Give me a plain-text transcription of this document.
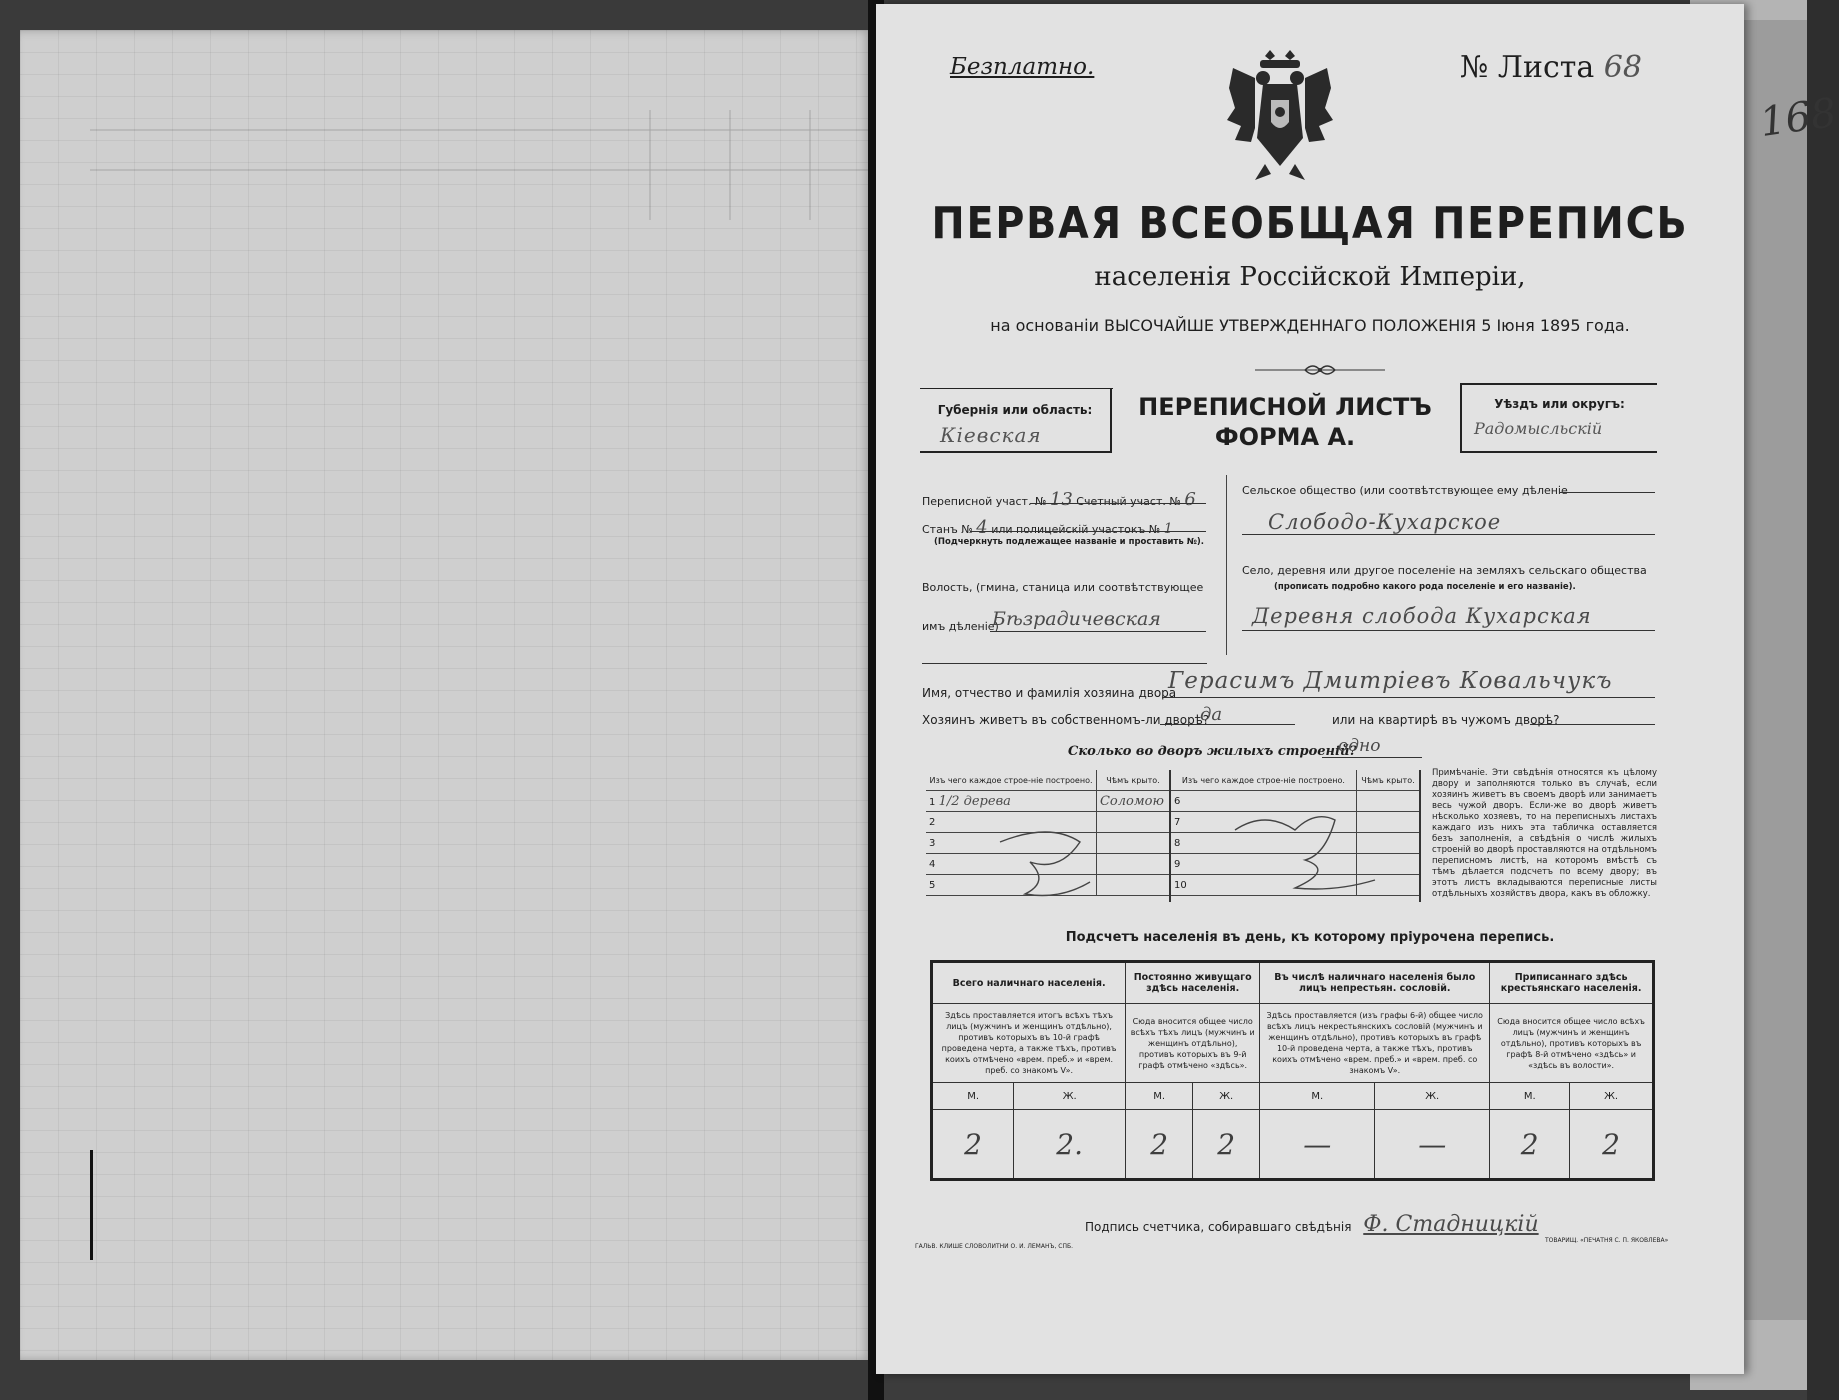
168
Безплатно.	№ Листа 68
ПЕРВАЯ ВСЕОБЩАЯ ПЕРЕПИСЬ
населенія Россійской Имперіи,
на основаніи ВЫСОЧАЙШЕ УТВЕРЖДЕННАГО ПОЛОЖЕНІЯ 5 Іюня 1895 года.
Губернія или область:
Кіевская
ПЕРЕПИСНОЙ ЛИСТЪ
ФОРМА А.
Уѣздъ или округъ:
Радомысльскій
Переписной участ. № 13 Счетный участ. № 6
Станъ № 4 или полицейскій участокъ № 1
(Подчеркнуть подлежащее названіе и проставить №).
Волость, (гмина, станица или соотвѣтствующее
имъ дѣленіе)
Бѣзрадичевская
Сельское общество (или соотвѣтствующее ему дѣленіе
Слободо-Кухарское
Село, деревня или другое поселеніе на земляхъ сельскаго общества
(прописать подробно какого рода поселеніе и его названіе).
Деревня слобода Кухарская
Имя, отчество и фамилія хозяина двора
Герасимъ Дмитріевъ Ковальчукъ
Хозяинъ живетъ въ собственномъ-ли дворѣ?
да	или на квартирѣ въ чужомъ дворѣ?
Сколько во дворъ жилыхъ строеній?
одно
Изъ чего каждое строе-ніе построено.	Чѣмъ крыто.
1 1/2 дерева	Соломою
2	
3	
4	
5	
Изъ чего каждое строе-ніе построено.	Чѣмъ крыто.
6	
7	
8	
9	
10	
Примѣчаніе. Эти свѣдѣнія относятся къ цѣлому двору и заполняются только въ случаѣ, если хозяинъ живетъ въ своемъ дворѣ или занимаетъ весь чужой дворъ. Если-же во дворѣ живетъ нѣсколько хозяевъ, то на переписныхъ листахъ каждаго изъ нихъ эта табличка оставляется безъ заполненія, а свѣдѣнія о числѣ жилыхъ строеній во дворѣ проставляются на отдѣльномъ переписномъ листѣ, на которомъ вмѣстѣ съ тѣмъ дѣлается подсчетъ по всему двору; въ этотъ листъ вкладываются переписные листы отдѣльныхъ хозяйствъ двора, какъ въ обложку.
Подсчетъ населенія въ день, къ которому пріурочена перепись.
Всего наличнаго населенія.		Постоянно живущаго здѣсь населенія.		Въ числѣ наличнаго населенія было лицъ непрестьян. сословій.		Приписаннаго здѣсь крестьянскаго населенія.	
Здѣсь проставляется итогъ всѣхъ тѣхъ лицъ (мужчинъ и женщинъ отдѣльно), противъ которыхъ въ 10-й графѣ проведена черта, а также тѣхъ, противъ коихъ отмѣчено «врем. преб.» и «врем. преб. со знакомъ V».		Сюда вносится общее число всѣхъ тѣхъ лицъ (мужчинъ и женщинъ отдѣльно), противъ которыхъ въ 9-й графѣ отмѣчено «здѣсь».		Здѣсь проставляется (изъ графы 6-й) общее число всѣхъ лицъ некрестьянскихъ сословій (мужчинъ и женщинъ отдѣльно), противъ которыхъ въ графѣ 10-й проведена черта, а также тѣхъ, противъ коихъ отмѣчено «врем. преб.» и «врем. преб. со знакомъ V».		Сюда вносится общее число всѣхъ лицъ (мужчинъ и женщинъ отдѣльно), противъ которыхъ въ графѣ 8-й отмѣчено «здѣсь» и «здѣсь въ волости».	
М.	Ж.	М.	Ж.	М.	Ж.	М.	Ж.
2	2.	2	2	—	—	2	2
Подпись счетчика, собиравшаго свѣдѣнія Ф. Стадницкій
ГАЛЬВ. КЛИШЕ СЛОВОЛИТНИ О. И. ЛЕМАНЪ, СПБ.
ТОВАРИЩ. «ПЕЧАТНЯ С. П. ЯКОВЛЕВА»
